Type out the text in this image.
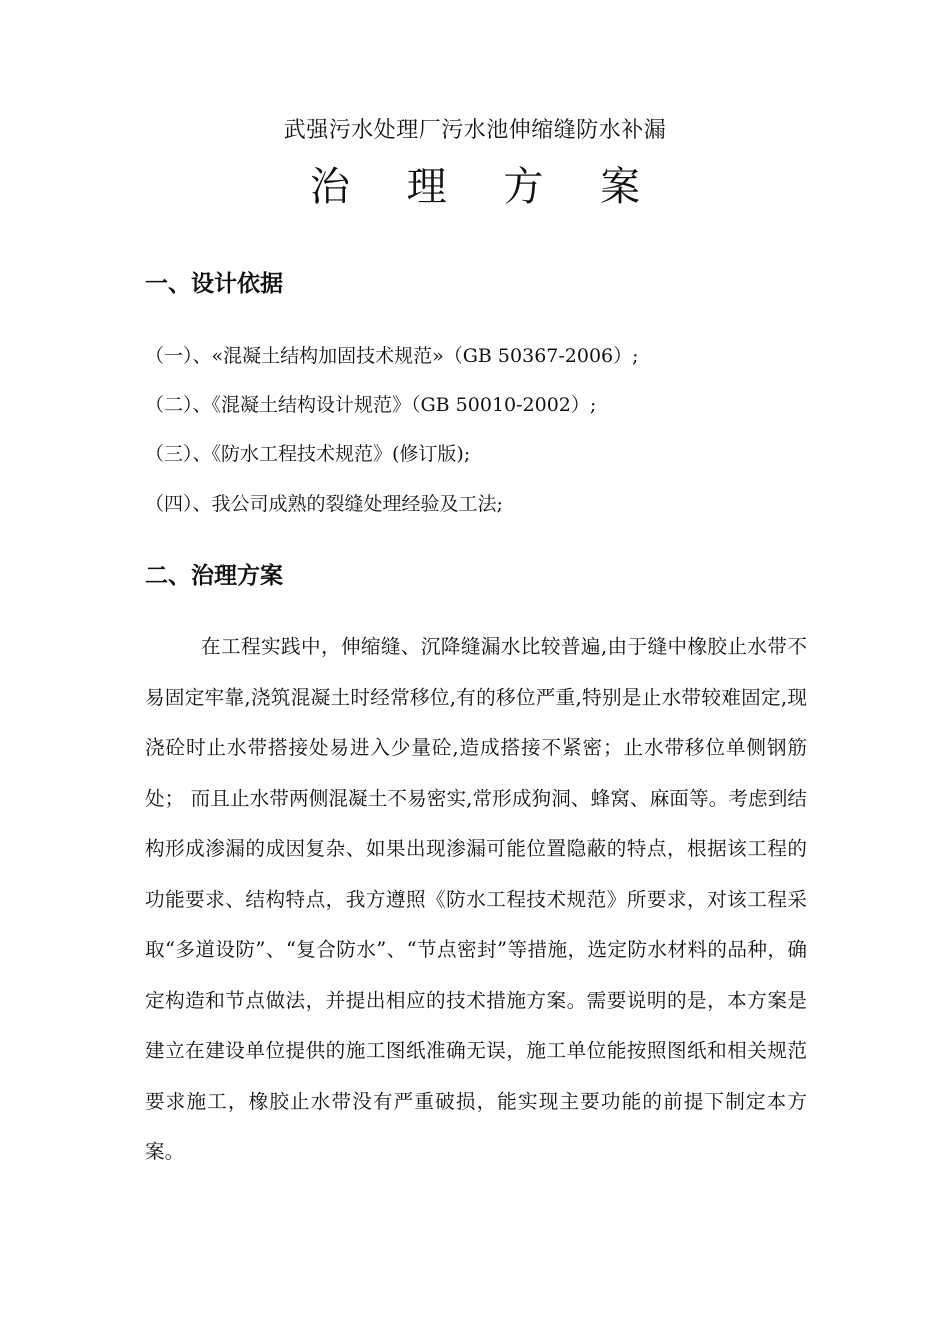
武强污水处理厂污水池伸缩缝防水补漏
治 理 方 案
一、设计依据
（一）、«混凝土结构加固技术规范»（GB 50367-2006）;
（二）、《混凝土结构设计规范》（GB 50010-2002）;
（三）、《防水工程技术规范》(修订版);
（四）、我公司成熟的裂缝处理经验及工法;
二、治理方案

在工程实践中，伸缩缝、沉降缝漏水比较普遍,由于缝中橡胶止水带不易固定牢靠,浇筑混凝土时经常移位,有的移位严重,特别是止水带较难固定,现浇砼时止水带搭接处易进入少量砼,造成搭接不紧密；止水带移位单侧钢筋处； 而且止水带两侧混凝土不易密实,常形成狗洞、蜂窝、麻面等。考虑到结构形成渗漏的成因复杂、如果出现渗漏可能位置隐蔽的特点，根据该工程的功能要求、结构特点，我方遵照《防水工程技术规范》所要求，对该工程采取“多道设防”、“复合防水”、“节点密封”等措施，选定防水材料的品种，确定构造和节点做法，并提出相应的技术措施方案。需要说明的是，本方案是建立在建设单位提供的施工图纸准确无误，施工单位能按照图纸和相关规范要求施工，橡胶止水带没有严重破损，能实现主要功能的前提下制定本方案。
